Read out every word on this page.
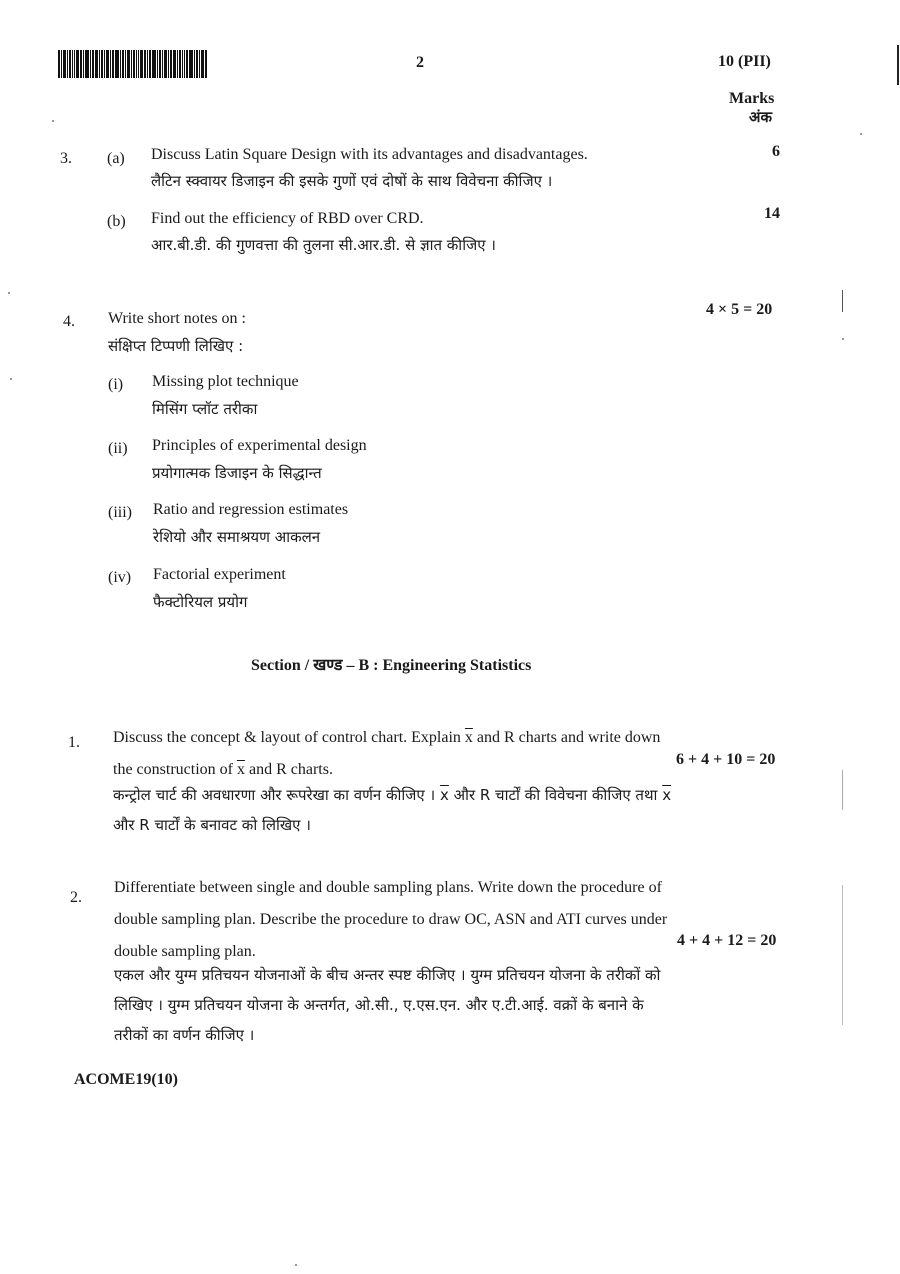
2	10 (PII)
Marks
अंक
3. (a) Discuss Latin Square Design with its advantages and disadvantages.
लैटिन स्क्वायर डिजाइन की इसके गुणों एवं दोषों के साथ विवेचना कीजिए ।
6
(b) Find out the efficiency of RBD over CRD.
आर.बी.डी. की गुणवत्ता की तुलना सी.आर.डी. से ज्ञात कीजिए ।
14
4. Write short notes on :
संक्षिप्त टिप्पणी लिखिए :
4 × 5 = 20
(i) Missing plot technique
मिसिंग प्लॉट तरीका
(ii) Principles of experimental design
प्रयोगात्मक डिजाइन के सिद्धान्त
(iii) Ratio and regression estimates
रेशियो और समाश्रयण आकलन
(iv) Factorial experiment
फैक्टोरियल प्रयोग
Section / खण्ड – B : Engineering Statistics
1. Discuss the concept & layout of control chart. Explain $\overline{x}$ and R charts and write down
the construction of $\overline{x}$ and R charts.
6 + 4 + 10 = 20
कन्ट्रोल चार्ट की अवधारणा और रूपरेखा का वर्णन कीजिए । $\overline{x}$ और R चार्टों की विवेचना कीजिए तथा $\overline{x}$
और R चार्टों के बनावट को लिखिए ।
2.
Differentiate between single and double sampling plans. Write down the procedure of
double sampling plan. Describe the procedure to draw OC, ASN and ATI curves under
double sampling plan.
4 + 4 + 12 = 20
एकल और युग्म प्रतिचयन योजनाओं के बीच अन्तर स्पष्ट कीजिए । युग्म प्रतिचयन योजना के तरीकों को
लिखिए । युग्म प्रतिचयन योजना के अन्तर्गत, ओ.सी., ए.एस.एन. और ए.टी.आई. वक्रों के बनाने के
तरीकों का वर्णन कीजिए ।
ACOME19(10)
